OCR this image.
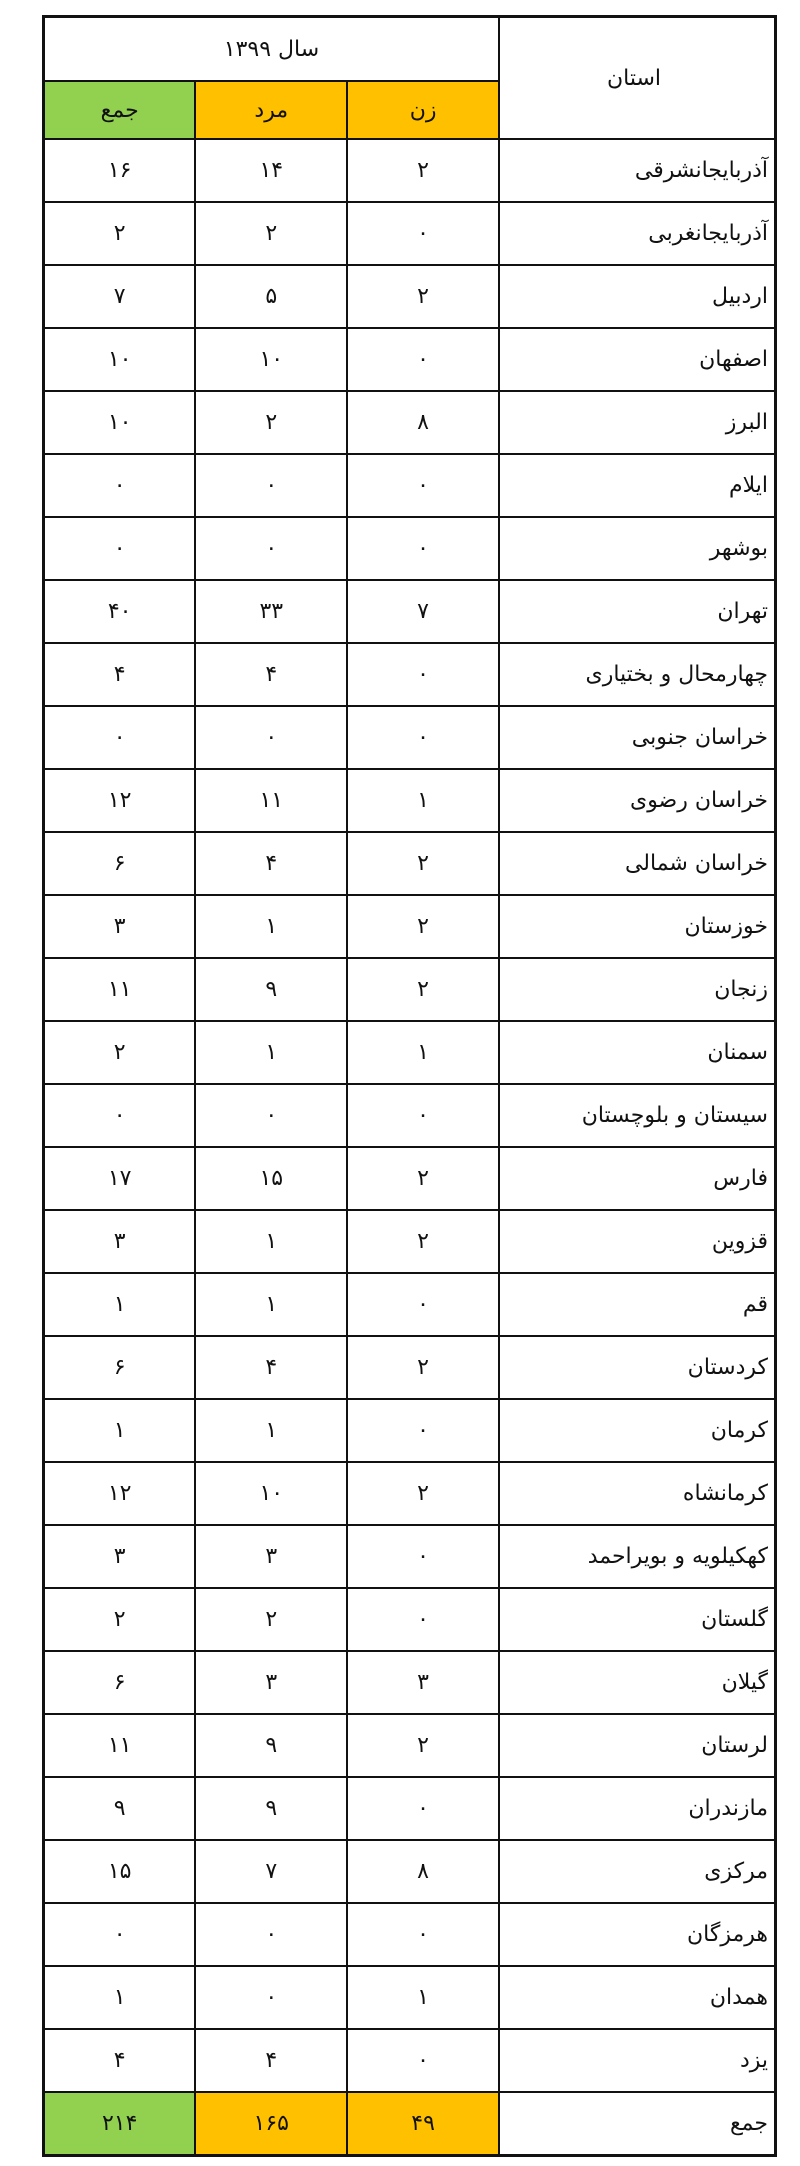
استان	سال ۱۳۹۹		
	زن	مرد	جمع
آذربایجانشرقی	۲	۱۴	۱۶
آذربایجانغربی	۰	۲	۲
اردبیل	۲	۵	۷
اصفهان	۰	۱۰	۱۰
البرز	۸	۲	۱۰
ایلام	۰	۰	۰
بوشهر	۰	۰	۰
تهران	۷	۳۳	۴۰
چهارمحال و بختیاری	۰	۴	۴
خراسان جنوبی	۰	۰	۰
خراسان رضوی	۱	۱۱	۱۲
خراسان شمالی	۲	۴	۶
خوزستان	۲	۱	۳
زنجان	۲	۹	۱۱
سمنان	۱	۱	۲
سیستان و بلوچستان	۰	۰	۰
فارس	۲	۱۵	۱۷
قزوین	۲	۱	۳
قم	۰	۱	۱
کردستان	۲	۴	۶
کرمان	۰	۱	۱
کرمانشاه	۲	۱۰	۱۲
کهکیلویه و بویراحمد	۰	۳	۳
گلستان	۰	۲	۲
گیلان	۳	۳	۶
لرستان	۲	۹	۱۱
مازندران	۰	۹	۹
مرکزی	۸	۷	۱۵
هرمزگان	۰	۰	۰
همدان	۱	۰	۱
یزد	۰	۴	۴
جمع	۴۹	۱۶۵	۲۱۴
